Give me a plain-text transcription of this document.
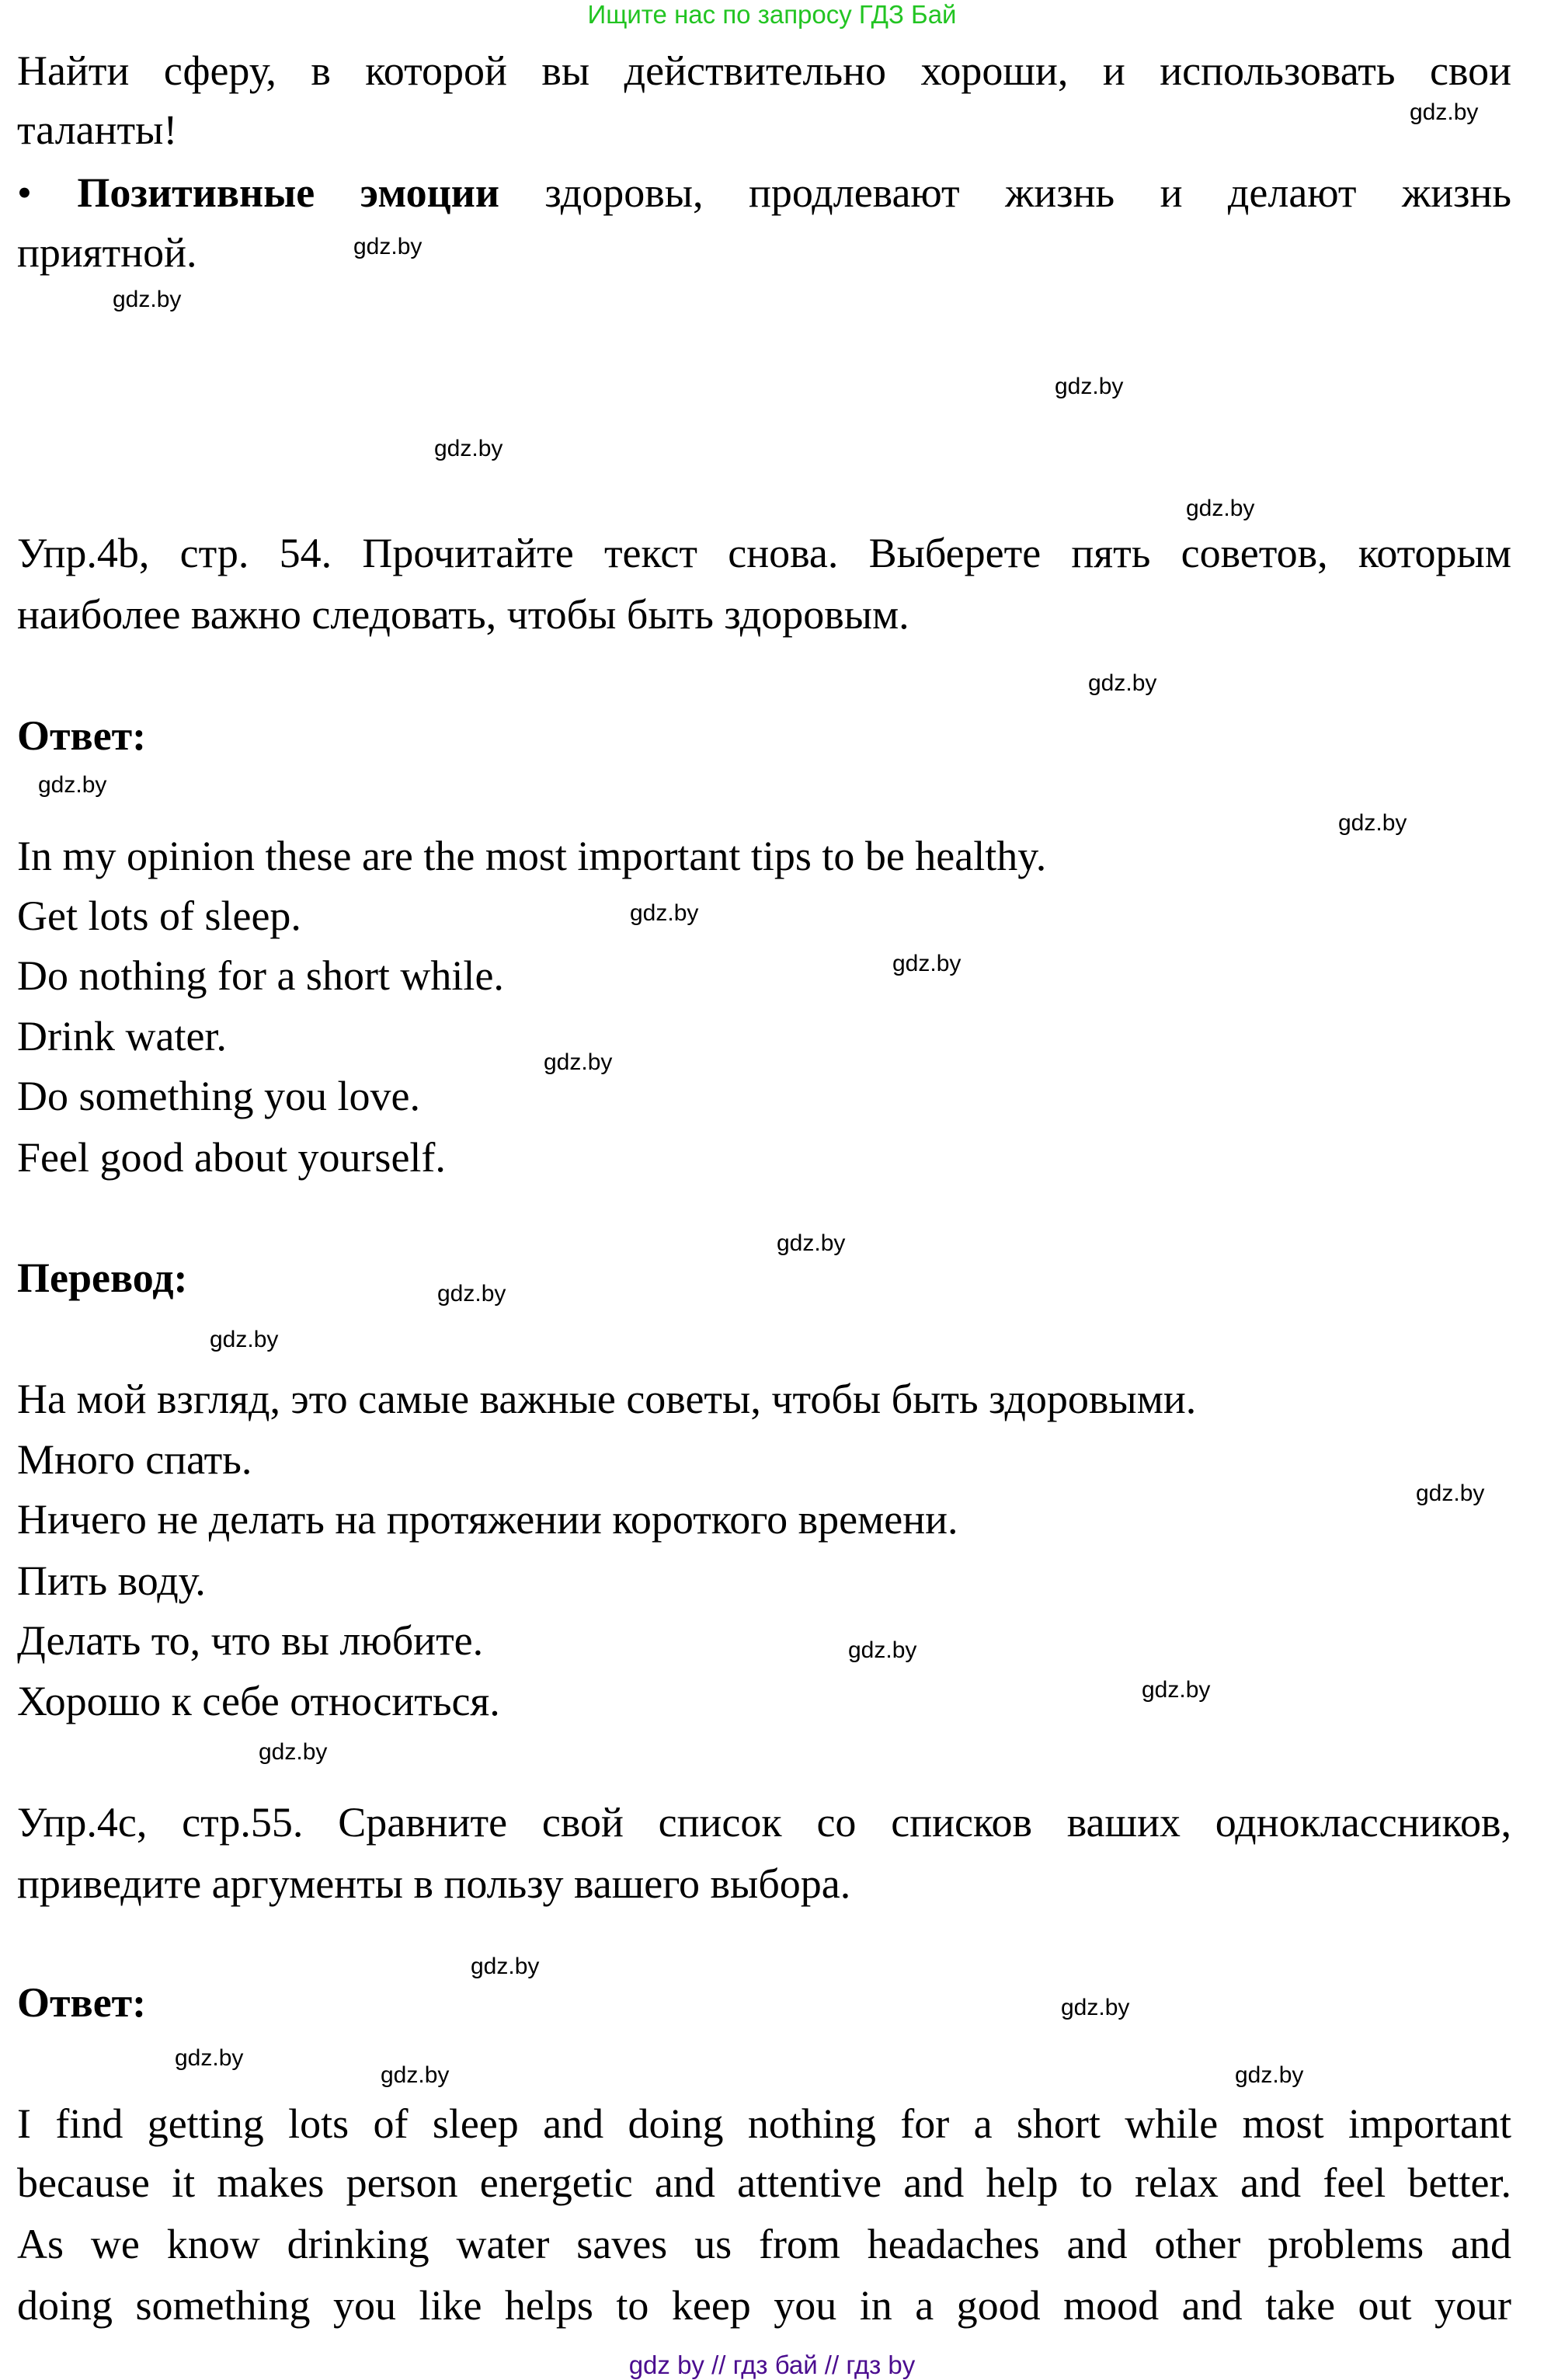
Ищите нас по запросу ГДЗ Бай
Найти сферу, в которой вы действительно хороши, и использовать свои
таланты!
• Позитивные эмоции здоровы, продлевают жизнь и делают жизнь
приятной.
Упр.4b, стр. 54. Прочитайте текст снова. Выберете пять советов, которым
наиболее важно следовать, чтобы быть здоровым.
Ответ:
In my opinion these are the most important tips to be healthy.
Get lots of sleep.
Do nothing for a short while.
Drink water.
Do something you love.
Feel good about yourself.
Перевод:
На мой взгляд, это самые важные советы, чтобы быть здоровыми.
Много спать.
Ничего не делать на протяжении короткого времени.
Пить воду.
Делать то, что вы любите.
Хорошо к себе относиться.
Упр.4c, стр.55. Сравните свой список со списков ваших одноклассников,
приведите аргументы в пользу вашего выбора.
Ответ:
I find getting lots of sleep and doing nothing for a short while most important
because it makes person energetic and attentive and help to relax and feel better.
As we know drinking water saves us from headaches and other problems and
doing something you like helps to keep you in a good mood and take out your
gdz by // гдз бай // гдз by
gdz.by
gdz.by
gdz.by
gdz.by
gdz.by
gdz.by
gdz.by
gdz.by
gdz.by
gdz.by
gdz.by
gdz.by
gdz.by
gdz.by
gdz.by
gdz.by
gdz.by
gdz.by
gdz.by
gdz.by
gdz.by
gdz.by
gdz.by	gdz.by
